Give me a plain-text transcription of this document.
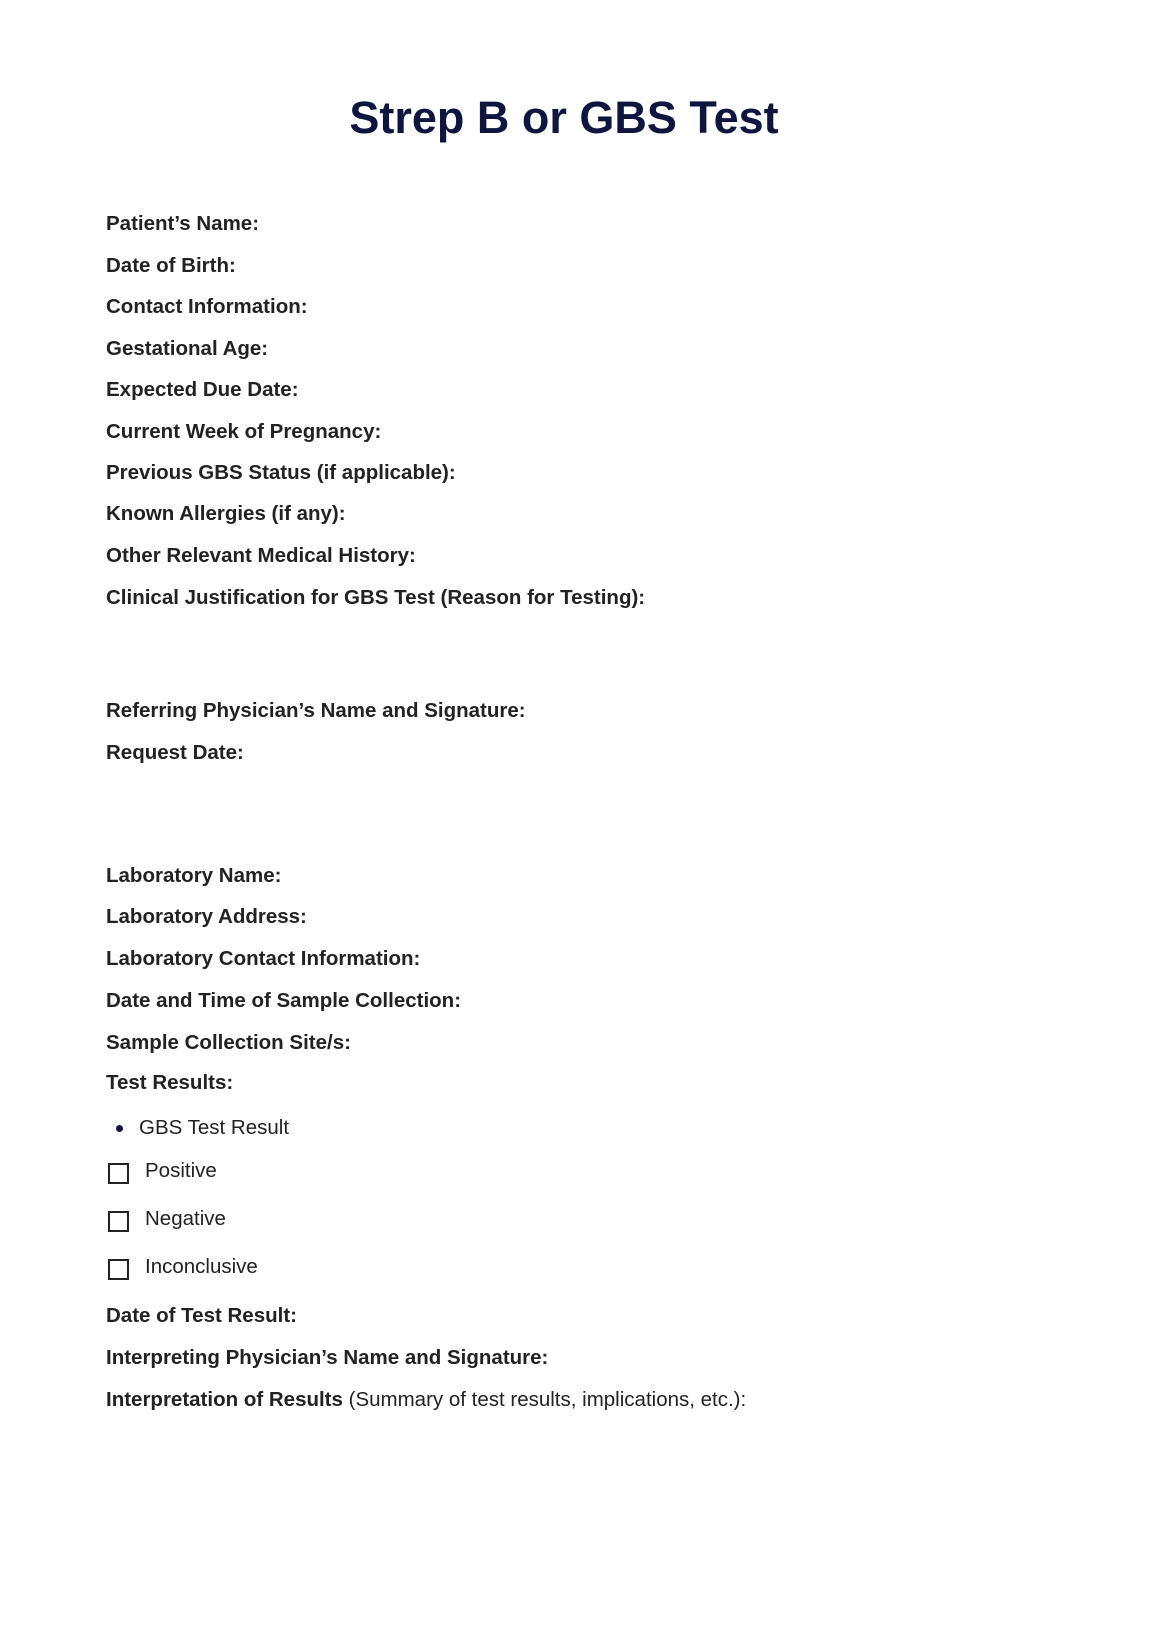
Strep B or GBS Test
Patient’s Name:
Date of Birth:
Contact Information:
Gestational Age:
Expected Due Date:
Current Week of Pregnancy:
Previous GBS Status (if applicable):
Known Allergies (if any):
Other Relevant Medical History:
Clinical Justification for GBS Test (Reason for Testing):
Referring Physician’s Name and Signature:
Request Date:
Laboratory Name:
Laboratory Address:
Laboratory Contact Information:
Date and Time of Sample Collection:
Sample Collection Site/s:
Test Results:
GBS Test Result
Positive
Negative
Inconclusive
Date of Test Result:
Interpreting Physician’s Name and Signature:
Interpretation of Results (Summary of test results, implications, etc.):
